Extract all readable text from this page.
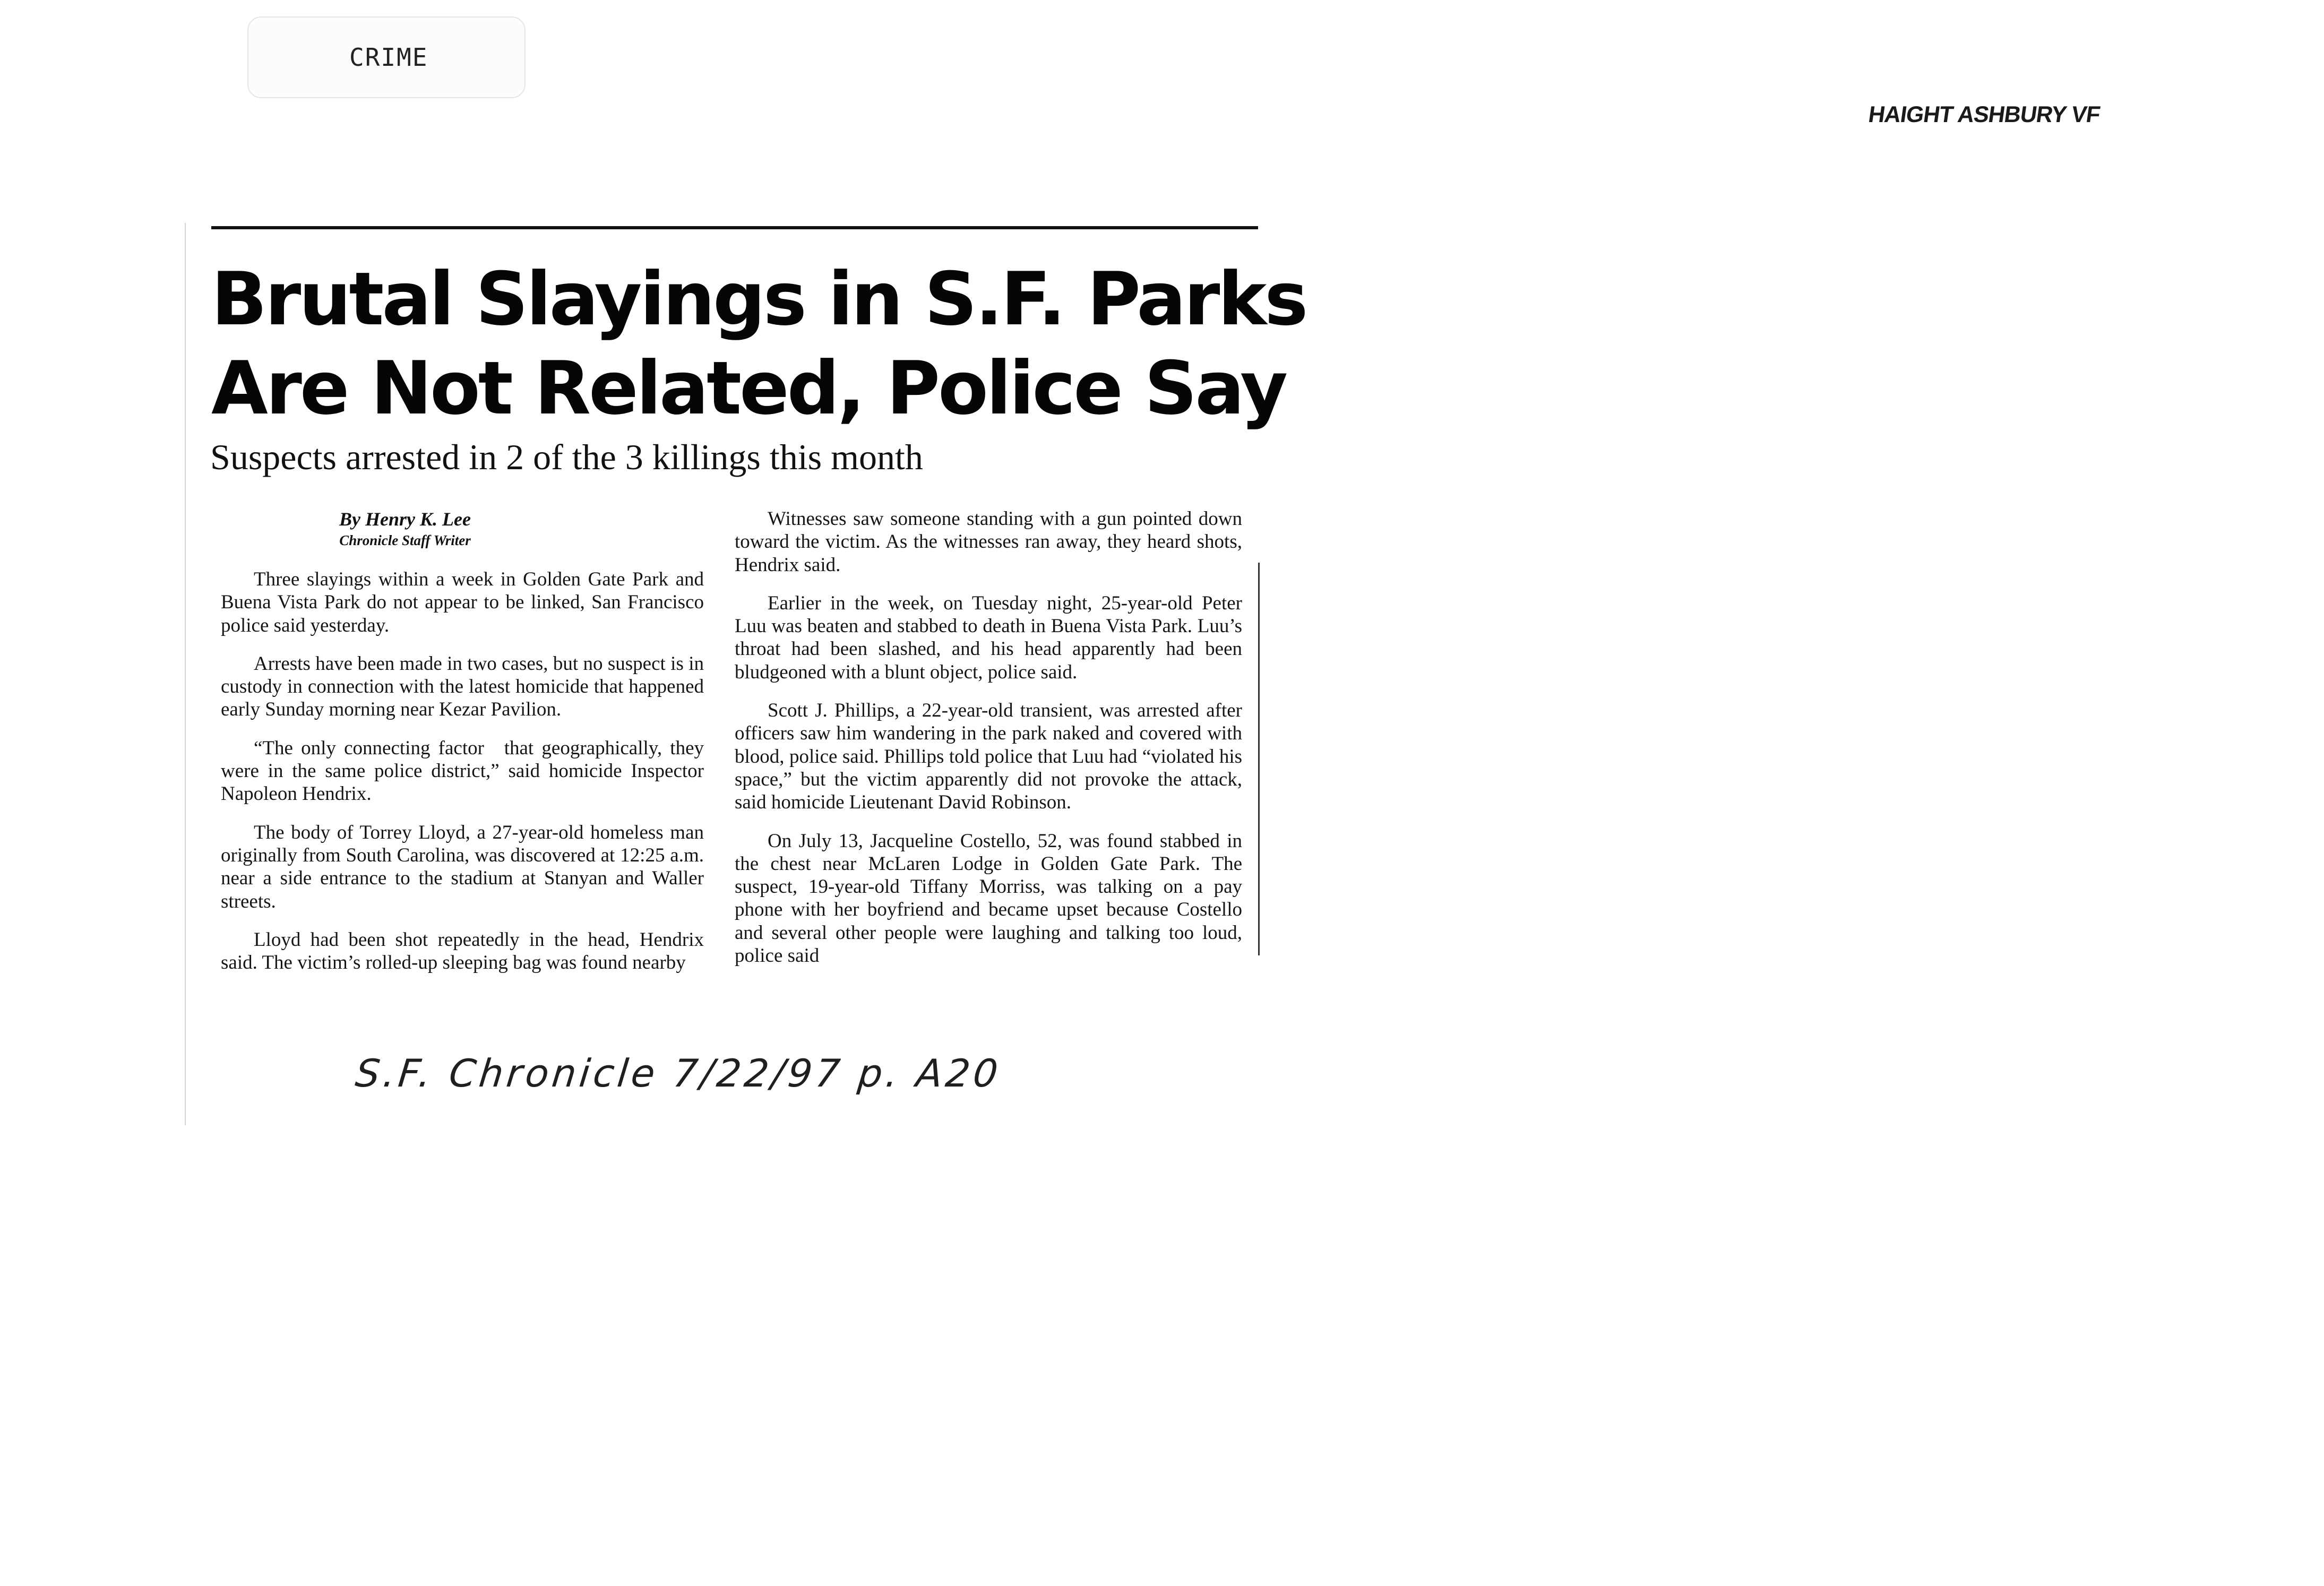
CRIME
HAIGHT ASHBURY VF
Brutal Slayings in S.F. Parks
Are Not Related, Police Say
Suspects arrested in 2 of the 3 killings this month
By Henry K. Lee
Chronicle Staff Writer

Three slayings within a week in Golden Gate Park and Buena Vista Park do not appear to be linked, San Francisco police said yesterday.

Arrests have been made in two cases, but no suspect is in custody in connection with the latest homicide that happened early Sunday morning near Kezar Pavilion.

“The only connecting factor   that geographically, they were in the same police district,” said homicide Inspector Napoleon Hendrix.

The body of Torrey Lloyd, a 27-year-old homeless man originally from South Carolina, was discovered at 12:25 a.m. near a side entrance to the stadium at Stanyan and Waller streets.

Lloyd had been shot repeatedly in the head, Hendrix said. The victim’s rolled-up sleeping bag was found nearby

Witnesses saw someone standing with a gun pointed down toward the victim. As the witnesses ran away, they heard shots, Hendrix said.

Earlier in the week, on Tuesday night, 25-year-old Peter Luu was beaten and stabbed to death in Buena Vista Park. Luu’s throat had been slashed, and his head apparently had been bludgeoned with a blunt object, police said.

Scott J. Phillips, a 22-year-old transient, was arrested after officers saw him wandering in the park naked and covered with blood, police said. Phillips told police that Luu had “violated his space,” but the victim apparently did not provoke the attack, said homicide Lieutenant David Robinson.

On July 13, Jacqueline Costello, 52, was found stabbed in the chest near McLaren Lodge in Golden Gate Park. The suspect, 19-year-old Tiffany Morriss, was talking on a pay phone with her boyfriend and became upset because Costello and several other people were laughing and talking too loud, police said

S.F. Chronicle 7/22/97 p. A20
